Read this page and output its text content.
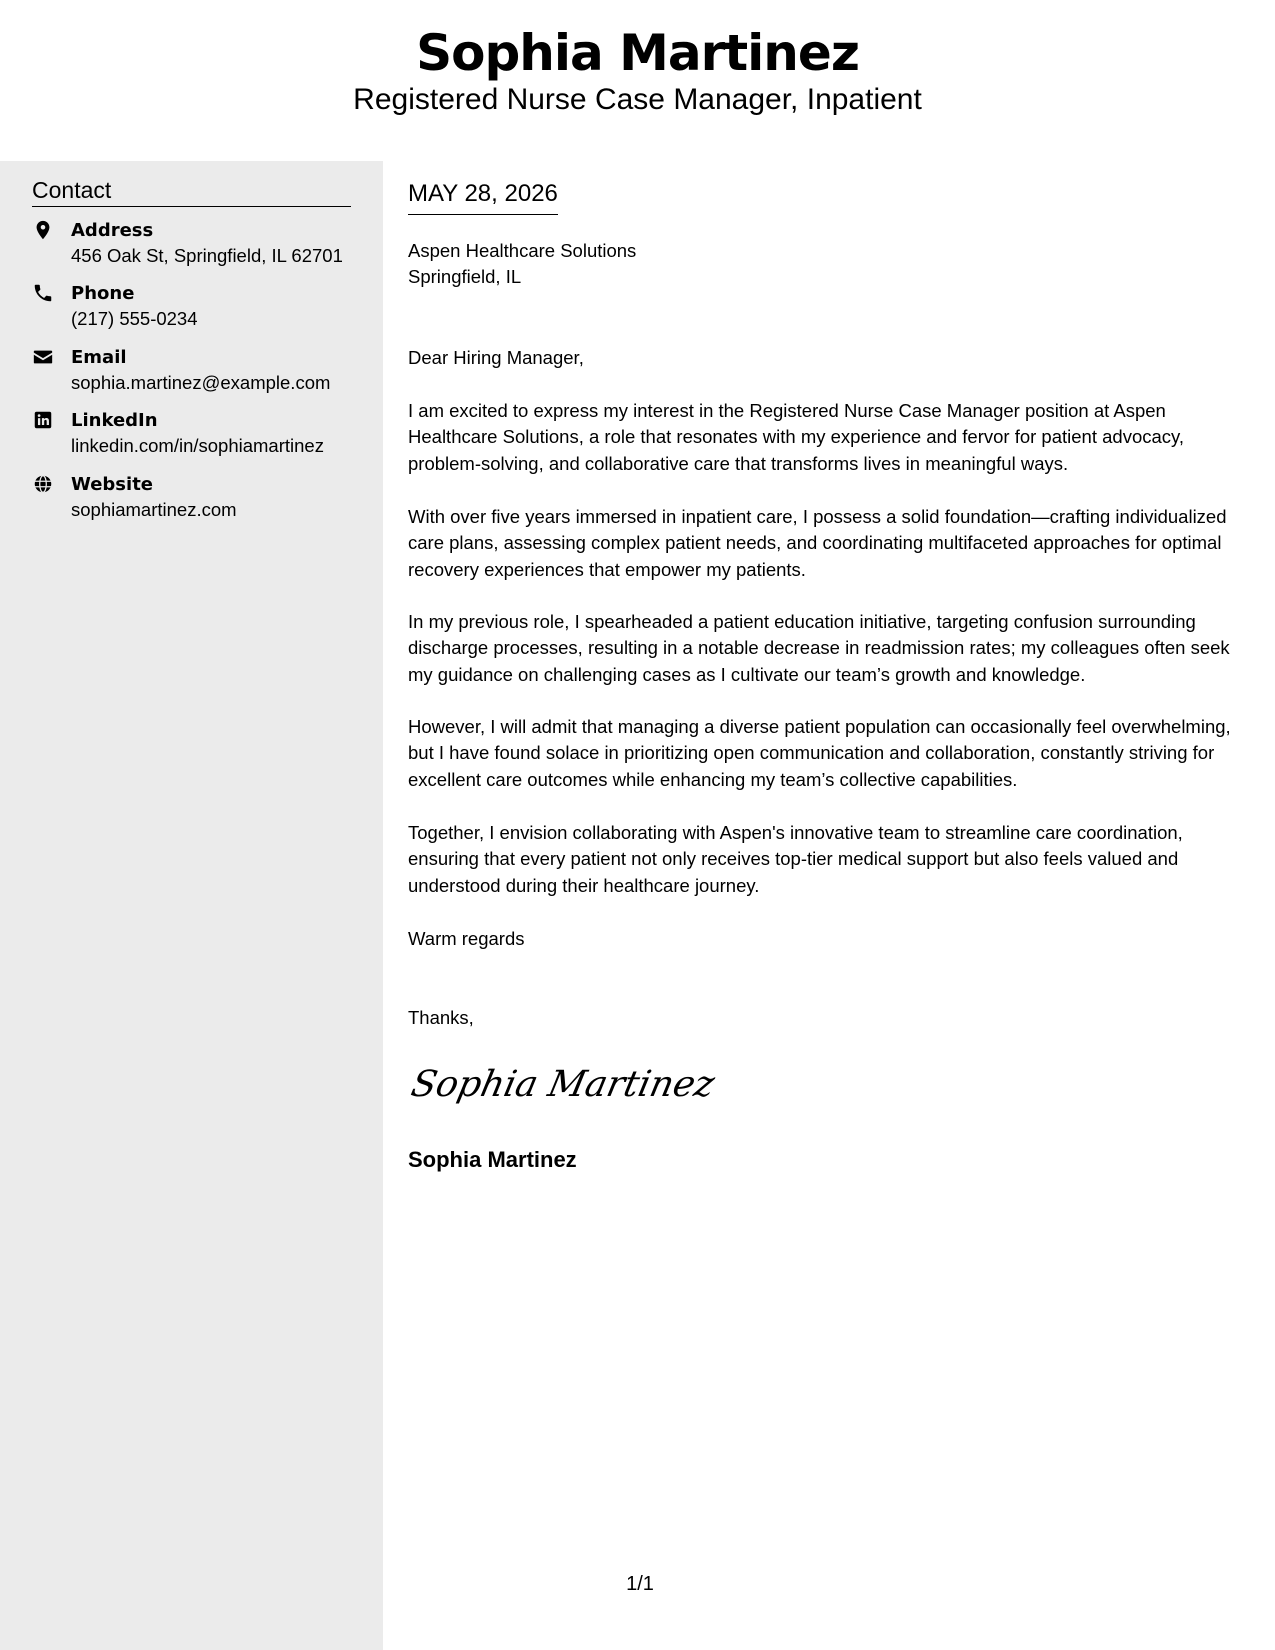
Sophia Martinez
Registered Nurse Case Manager, Inpatient
Contact
Address
456 Oak St, Springfield, IL 62701
Phone
(217) 555-0234
Email
sophia.martinez@example.com
LinkedIn
linkedin.com/in/sophiamartinez
Website
sophiamartinez.com
MAY 28, 2026
Aspen Healthcare Solutions
Springfield, IL
Dear Hiring Manager,
I am excited to express my interest in the Registered Nurse Case Manager position at Aspen Healthcare Solutions, a role that resonates with my experience and fervor for patient advocacy, problem-solving, and collaborative care that transforms lives in meaningful ways.
With over five years immersed in inpatient care, I possess a solid foundation—crafting individualized care plans, assessing complex patient needs, and coordinating multifaceted approaches for optimal recovery experiences that empower my patients.
In my previous role, I spearheaded a patient education initiative, targeting confusion surrounding discharge processes, resulting in a notable decrease in readmission rates; my colleagues often seek my guidance on challenging cases as I cultivate our team’s growth and knowledge.
However, I will admit that managing a diverse patient population can occasionally feel overwhelming, but I have found solace in prioritizing open communication and collaboration, constantly striving for excellent care outcomes while enhancing my team’s collective capabilities.
Together, I envision collaborating with Aspen's innovative team to streamline care coordination, ensuring that every patient not only receives top-tier medical support but also feels valued and understood during their healthcare journey.
Warm regards
Thanks,
Sophia Martinez
Sophia Martinez
1/1
